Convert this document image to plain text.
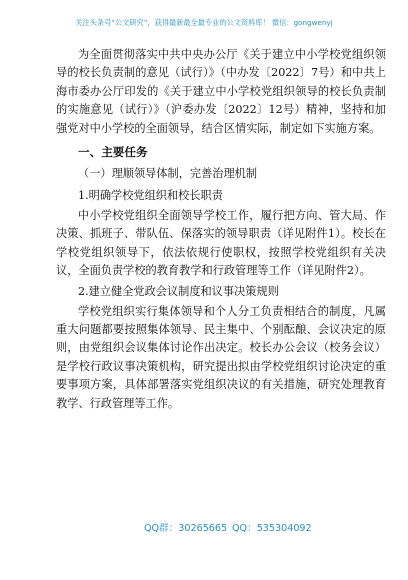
关注头条号“公文研究”，获得最新最全最专业的公文资料库！ 微信：gongwenyj

为全面贯彻落实中共中央办公厅《关于建立中小学校党组织领导的校长负责制的意见（试行）》（中办发〔2022〕7号）和中共上海市委办公厅印发的《关于建立中小学校党组织领导的校长负责制的实施意见（试行）》（沪委办发〔2022〕12号）精神，坚持和加强党对中小学校的全面领导，结合区情实际，制定如下实施方案。

一、主要任务

（一）理顺领导体制，完善治理机制

1.明确学校党组织和校长职责

中小学校党组织全面领导学校工作，履行把方向、管大局、作决策、抓班子、带队伍、保落实的领导职责（详见附件1）。校长在学校党组织领导下，依法依规行使职权，按照学校党组织有关决议，全面负责学校的教育教学和行政管理等工作（详见附件2）。

2.建立健全党政会议制度和议事决策规则

学校党组织实行集体领导和个人分工负责相结合的制度，凡属重大问题都要按照集体领导、民主集中、个别酝酿、会议决定的原则，由党组织会议集体讨论作出决定。校长办公会议（校务会议）是学校行政议事决策机构，研究提出拟由学校党组织讨论决定的重要事项方案，具体部署落实党组织决议的有关措施，研究处理教育教学、行政管理等工作。

QQ群：30265665 QQ：535304092
